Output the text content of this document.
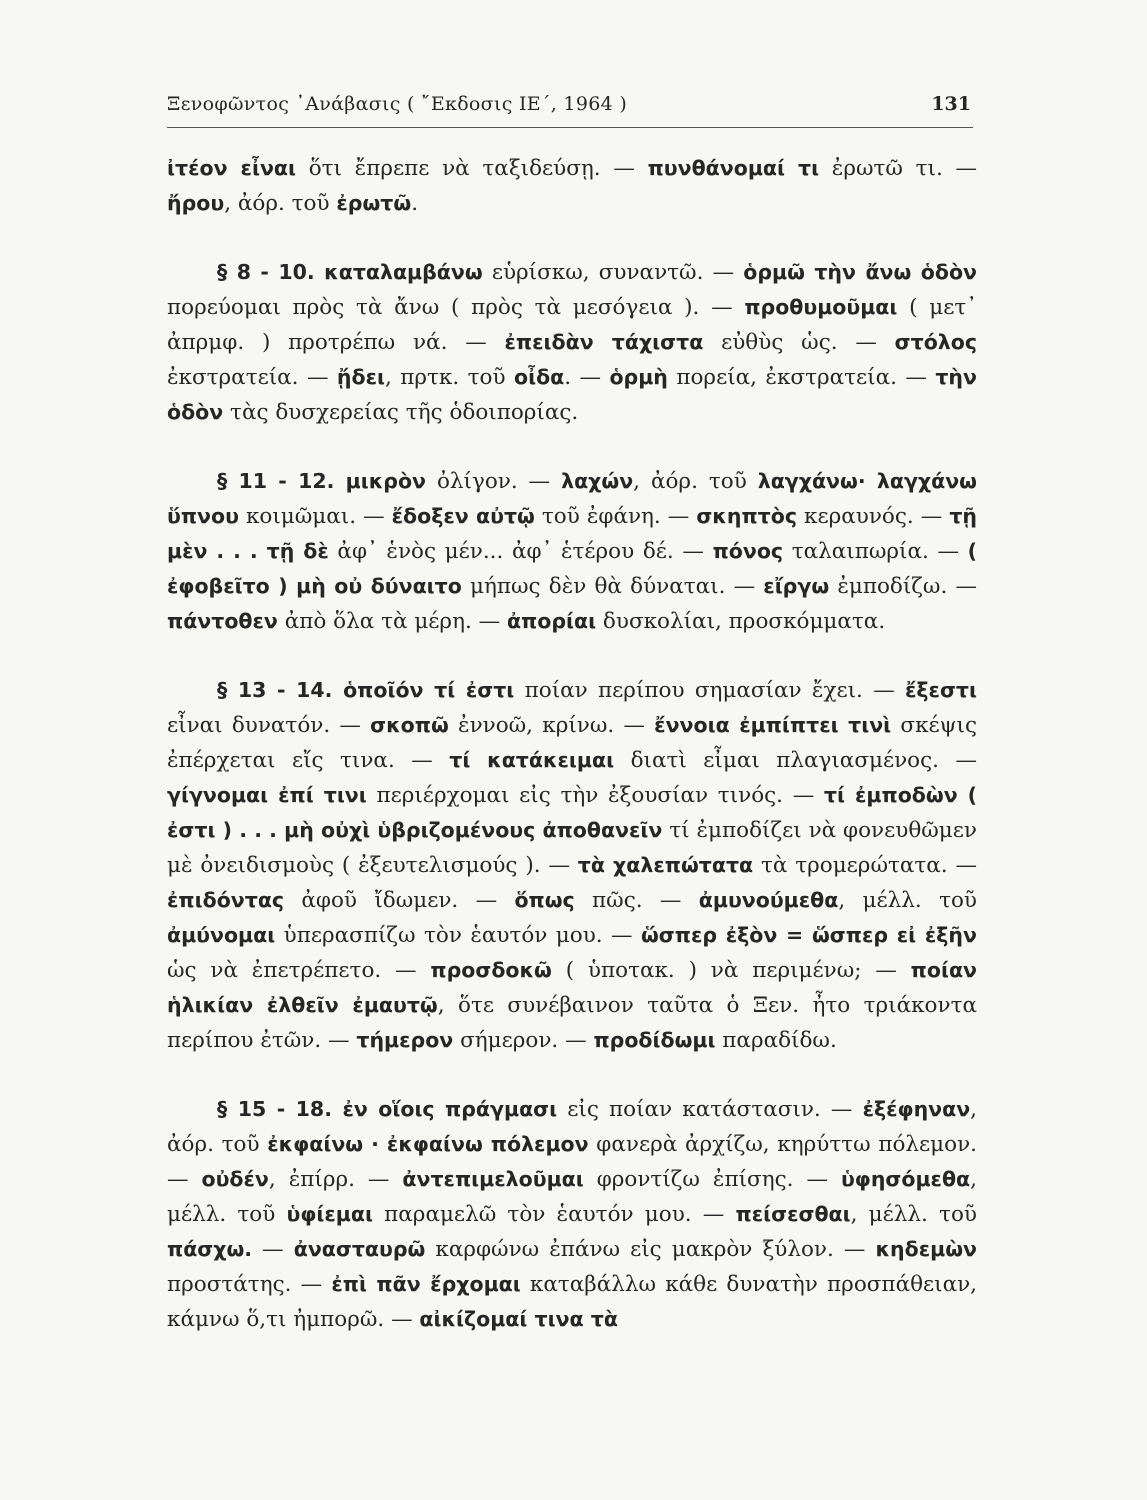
Ξενοφῶντος ᾽Ανάβασις ( ῎Εκδοσις ΙΕ΄, 1964 )	131

ἰτέον εἶναι ὅτι ἔπρεπε νὰ ταξιδεύσῃ. — πυνθάνομαί τι ἐρωτῶ τι. — ἤρου, ἀόρ. τοῦ ἐρωτῶ.

§ 8 - 10. καταλαμβάνω εὑρίσκω, συναντῶ. — ὁρμῶ τὴν ἄνω ὁδὸν πορεύομαι πρὸς τὰ ἄνω ( πρὸς τὰ μεσόγεια ). — προθυμοῦμαι ( μετ᾽ ἀπρμφ. ) προτρέπω νά. — ἐπειδὰν τάχιστα εὐθὺς ὡς. — στόλος ἐκστρατεία. — ᾔδει, πρτκ. τοῦ οἶδα. — ὁρμὴ πορεία, ἐκστρατεία. — τὴν ὁδὸν τὰς δυσχερείας τῆς ὁδοιπορίας.

§ 11 - 12. μικρὸν ὀλίγον. — λαχών, ἀόρ. τοῦ λαγχάνω· λαγχάνω ὕπνου κοιμῶμαι. — ἔδοξεν αὐτῷ τοῦ ἐφάνη. — σκηπτὸς κεραυνός. — τῇ μὲν . . . τῇ δὲ ἀφ᾽ ἑνὸς μέν... ἀφ᾽ ἑτέρου δέ. — πόνος ταλαιπωρία. — ( ἐφοβεῖτο ) μὴ οὐ δύναιτο μήπως δὲν θὰ δύναται. — εἴργω ἐμποδίζω. — πάντοθεν ἀπὸ ὅλα τὰ μέρη. — ἀπορίαι δυσκολίαι, προσκόμματα.

§ 13 - 14. ὁποῖόν τί ἐστι ποίαν περίπου σημασίαν ἔχει. — ἔξεστι εἶναι δυνατόν. — σκοπῶ ἐννοῶ, κρίνω. — ἔννοια ἐμπίπτει τινὶ σκέψις ἐπέρχεται εἴς τινα. — τί κατάκειμαι διατὶ εἶμαι πλαγιασμένος. — γίγνομαι ἐπί τινι περιέρχομαι εἰς τὴν ἐξουσίαν τινός. — τί ἐμποδὼν ( ἐστι ) . . . μὴ οὐχὶ ὑβριζομένους ἀποθανεῖν τί ἐμποδίζει νὰ φονευθῶμεν μὲ ὀνειδισμοὺς ( ἐξευτελισμούς ). — τὰ χαλεπώτατα τὰ τρομερώτατα. — ἐπιδόντας ἀφοῦ ἴδωμεν. — ὅπως πῶς. — ἀμυνούμεθα, μέλλ. τοῦ ἀμύνομαι ὑπερασπίζω τὸν ἑαυτόν μου. — ὥσπερ ἐξὸν = ὥσπερ εἰ ἐξῆν ὡς νὰ ἐπετρέπετο. — προσδοκῶ ( ὑποτακ. ) νὰ περιμένω; — ποίαν ἡλικίαν ἐλθεῖν ἐμαυτῷ, ὅτε συνέβαινον ταῦτα ὁ Ξεν. ἦτο τριάκοντα περίπου ἐτῶν. — τήμερον σήμερον. — προδίδωμι παραδίδω.

§ 15 - 18. ἐν οἵοις πράγμασι εἰς ποίαν κατάστασιν. — ἐξέφηναν, ἀόρ. τοῦ ἐκφαίνω · ἐκφαίνω πόλεμον φανερὰ ἀρχίζω, κηρύττω πόλεμον. — οὐδέν, ἐπίρρ. — ἀντεπιμελοῦμαι φροντίζω ἐπίσης. — ὑφησόμεθα, μέλλ. τοῦ ὑφίεμαι παραμελῶ τὸν ἑαυτόν μου. — πείσεσθαι, μέλλ. τοῦ πάσχω. — ἀνασταυρῶ καρφώνω ἐπάνω εἰς μακρὸν ξύλον. — κηδεμὼν προστάτης. — ἐπὶ πᾶν ἔρχομαι καταβάλλω κάθε δυνατὴν προσπάθειαν, κάμνω ὅ,τι ἠμπορῶ. — αἰκίζομαί τινα τὰ
